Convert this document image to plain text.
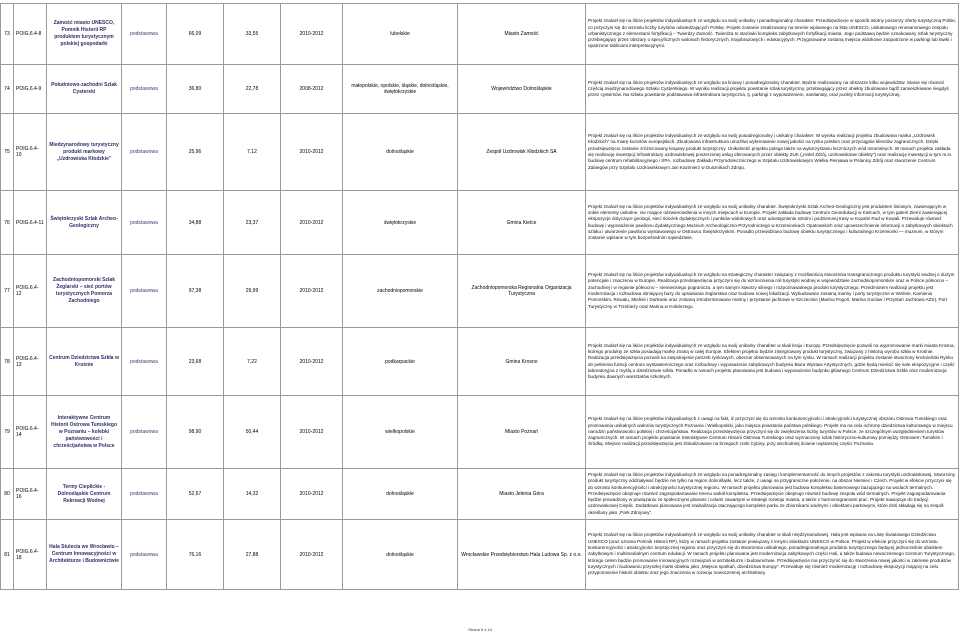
73	POIG.6.4-8	Zamość miasto UNESCO, Pomnik Historii RP produktem turystycznym polskiej gospodarki	podstawowa	66,09	33,55	2010-2012	lubelskie	Miasto Zamość	Projekt znalazł się na liście projektów indywidualnych ze względu na swój unikalny i ponadregionalny charakter. Przedsięwzięcie w sposób istotny poszerzy ofertę turystyczną Polski, co przyczyni się do wzrostu liczby turystów odwiedzających Polskę. Projekt zostanie zrealizowany na terenie wpisanego na listę UNESCO, unikatowego renesansowego zespołu urbanistycznego z elementami fortyfikacji – Twierdzy Zamość. Twierdza to starówki kompleks zabytkowych fortyfikacji miasta. Jego podstawą będzie oznakowany szlak turystyczny przebiegający przez obszary o specyficznych walorach historycznych, krajobrazowych i edukacyjnych. Przygotowane zostaną miejsca widokowe zaopatrzone w parkingi lub ławki i opatrzone tablicami interpretacyjnymi.
74	POIG.6.4-9	Południowo-zachodni Szlak Cysterski	podstawowa	36,80	22,78	2008-2012	małopolskie, opolskie, śląskie, dolnośląskie, świętokrzyskie	Województwo Dolnośląskie	Projekt znalazł się na liście projektów indywidualnych ze względu na liniowy i ponadregionalny charakter. Będzie realizowany na obszarze kilku województw. Stanie się również częścią międzynarodowego Szlaku Cysterskiego. W wyniku realizacji projektu powstanie szlak turystyczny, przebiegający przez obiekty zbudowane bądź zamieszkiwane niegdyś przez cystersów. Na szlaku powstanie podstawowa infrastruktura turystyczna, tj. parkingi z wyposażeniem, sanitariaty, oraz punkty informacji turystycznej.
75	POIG.6.4-10	Miedzynarodowy turystyczny produkt markowy „Uzdrowiska Kłodzkie”	podstawowa	25,96	7,12	2010-2012	dolnośląskie	Zespół Uzdrowisk Kłodzkich SA	Projekt znalazł się na liście projektów indywidualnych ze względu na swój ponadregionalny i unikalny charakter. W wyniku realizacji projektu zbudowana marka „Uzdrowisk Kłodzkich” na miarę kurortów europejskich. Zbudowana infrastruktura umożliwi wykreowanie nowej jakości na rynku polskim oraz przyciągnie klientów zagranicznych. Dzięki przedsięwzięciu zostanie zróżnicowany krajowy produkt turystyczny. Unikalność projektu polega także na wykorzystaniu leczniczych wód mineralnych. W ramach projektu zakłada się realizację inwestycji infrastruktury uzdrowiskowej poszerzonej usług oferowanych przez obiekty ZUK („Hotel Zdrój, uzdrowiskowe obiekty”) oraz realizację inwestycji w tym m.in. budowę centrum rehabilitacyjnego i SPA, rozbudowę Zakładu Przyrodoleczniczego w Szpitalu Uzdrowiskowym Wielka Pieniawa w Polanicy Zdrój oraz stworzenie Centrum Zabiegów przy Szpitalu Uzdrowiskowym Jan Kazimierz w Dusznikach Zdroju.
76	POIG.6.4-11	Świętokrzyski Szlak Archeo-Geologiczny	podstawowa	34,88	23,37	2010-2012	świętokrzyskie	Gmina Kielce	Projekt znalazł się na liście projektów indywidualnych ze względu na swój unikalny charakter. Świętokrzyski Szlak Archeo-Geologiczny jest produktem liniowym, zawierającym w sobie elementy unikalne, nie mające odzwierciedlenia w innych miejscach w Europie. Projekt zakłada budowę Centrum Geoedukacji w Kielcach, w tym galerii Ziemi zawierającej ekspozycje dotyczące geologii, sieci ścieżek dydaktycznych i punktów widokowych oraz udostępnienie sztolni i podziemnej trasy w Kopalni Rud w Kowali. Przewiduje również budowę i wyposażenie pawilonu dydaktycznego Muzeum Archeologiczno-Przyrodniczego w Krzemionkach Opatowskich oraz upowszechnienie informacji o zabytkowych obiektach szlaku i utworzenie pawilonu wystawowego w Ostrowcu Świętokrzyskim. Ponadto przewidziano budowę obiektu turystycznego i kulturalnego Krzemionki — muzeum, w którym zostanie wpisane w tym bezpośrednim sąsiedztwie.
77	POIG.6.4-12	Zachodniopomorski Szlak Żeglarski – sieć portów turystycznych Pomorza Zachodniego	podstawowa	97,38	29,99	2010-2012	zachodniopomorskie	Zachodniopomorska Regionalna Organizacja Turystyczna	Projekt znalazł się na liście projektów indywidualnych ze względu na strategiczny charakter związany z możliwością stworzenia transgranicznego produktu turystyki wodnej o dużym potencjale i znaczeniu w Europie. Realizacja przedsięwzięcia przyczyni się do wzmocnienia roli turystyki wodnej w województwie zachodniopomorskim oraz w Polsce północno – zachodniej i w regionie północno – niemieckiego pogranicza, a tym samym stworzy silnego i rozpoznawalnego produkt turystycznego. Przedmiotem realizacji projektu jest modernizacja i rozbudowa istniejącej bazy do uprawiania żeglarstwa oraz budowa nowej lokalizacji. Wybudowane zostaną mariny i porty turystyczne w Wolinie, Kamieniu Pomorskim, Rewalu, Mielnie i Darłowie oraz zostaną zmodernizowane mariny i przystanie jachtowe w Szczecinie (Marina Pogoń, Marina Goclaw i Przystań Jachtowa AZS), Port Turystyczny w Trzebieży oraz Marina w Kołobrzegu.
78	POIG.6.4-13	Centrum Dziedzictwa Szkła w Krośnie	podstawowa	23,68	7,22	2010-2012	podkarpackie	Gmina Krosno	Projekt znalazł się na liście projektów indywidualnych ze względu na swój unikalny charakter w skali kraju i Europy. Przedsięwzięcie pozwoli na wypromowanie marki miasta Krosna, którego produkty ze szkła posiadają markę znaną w całej Europie. Efektem projektu będzie zintegrowany produkt turystyczny, związany z historią wyrobu szkła w Krośnie. Realizacja przedsięwzięcia pozwoli na zaspokojenie potrzeb rynkowych, obecnie obserwowanych na tym rynku. W ramach realizacji projektu zostanie stworzony krośnieński Rynku do pełnienia funkcji centrum wystawienniczego oraz rozbudowy i wyposażenie zabytkowych budynku Biura Wystaw Artystycznych, gdzie będą mieścić się sale ekspozycyjne i część laboratoryjna z myślą o dziedzictwie szkła. Ponadto w ramach projektu planowana jest budowa i wyposażenie budynku głównego Centrum Dziedzictwa Szkła oraz modernizacja budynku dawnych warsztatów szkolnych.
79	POIG.6.4-14	Interaktywne Centrum Historii Ostrowa Tumskiego w Poznaniu – kolebki państwowości i chrześcijaństwa w Polsce	podstawowa	98,90	50,44	2010-2012	wielkopolskie	Miasto Poznań	Projekt znalazł się na liście projektów indywidualnych z uwagi na fakt, iż przyczyni się do wzrostu konkurencyjności i atrakcyjności turystycznej obszaru Ostrowa Tumskiego oraz promowania unikalnych walorów turystycznych Poznania i Wielkopolski, jako miejsca powstania państwa polskiego. Projekt ma na celu ochronę dziedzictwa kulturowego w miejscu narodzin państwowości polskiej i chrześcijaństwa. Realizacja przedsięwzięcia przyczyni się do zwiększenia liczby turystów w Polsce, ze szczególnym uwzględnieniem turystów zagranicznych. W ramach projektu powstanie Interaktywne Centrum Historii Ostrowa Tumskiego oraz wyznaczony szlak historyczno-kulturowy pomiędzy Ostrowem Tumskim i Śródką. Miejsce realizacji przedsięwzięcia jest zlokalizowane na brzegach rzeki Cybiny, przy wschodniej ścianie najstarszej części Poznania.
80	POIG.6.4-16	Termy Cieplickie - Dolnośląskie Centrum Rekreacji Wodnej	podstawowa	52,67	14,32	2010-2012	dolnośląskie	Miasto Jelenia Góra	Projekt znalazł się na liście projektów indywidualnych ze względu na ponadregionalny zasięg i komplementarność do innych projektów z zakresu turystyki uzdrowiskowej. Stworzony produkt turystyczny oddziaływać będzie nie tylko na region dolnośląski, lecz także, z uwagi na przygraniczne położenie, na obszar Niemiec i Czech. Projekt w efekcie przyczyni się do wzrostu konkurencyjności i atrakcyjności turystycznej regionu. W ramach projektu planowana jest budowa kompleksu basenowego bazującego na wodach termalnych. Przedsięwzięcie obejmuje również zagospodarowanie terenu wokół kompleksu. Przedsięwzięcie obejmuje również budowę zespołu wód termalnych. Projekt zagospodarowania będzie prowadzony w powiązaniu ze społecznymi planami i celami zawartymi w strategii rozwoju miasta, a także z harmonogramami prac. Projekt nawiązuje do tradycji uzdrowiskowej Cieplic. Dodatkowo planowana jest rewitalizacja otaczającego kompleks parku ze zbiornikami wodnymi i obiektami parkowymi, które dziś składają się na zespół określany jako „Park Zdrojowy”.
81	POIG.6.4-18	Hala Stulecia we Wrocławiu – Centrum Innowacyjności w Architekturze i Budownictwie	podstawowa	76,16	27,88	2010-2012	dolnośląskie	Wrocławskie Przedsiębiorstwo Hala Ludowa Sp. z o.o.	Projekt znalazł się na liście projektów indywidualnych ze względu na swój unikalny charakter w skali międzynarodowej. Hala jest wpisana na Listę Światowego Dziedzictwa UNESCO (oraz uznana Pomnik Historii RP), który w ramach projektu zostanie powiązany z innymi obiektami UNESCO w Polsce. Projekt w efekcie przyczyni się do wzrostu konkurencyjności i atrakcyjności turystycznej regionu oraz przyczyni się do stworzenia unikalnego, ponadregionalnego produktu turystycznego będącej jednocześnie obiektem zabytkowym i multimedialnym centrum edukacji. W ramach projektu planowana jest modernizacja zabytkowych części Hali, a także budowa nowoczesnego Centrum Turystycznego, którego celem będzie promowanie innowacyjnych rozwiązań w architekturze i budownictwie. Przedsięwzięcie ma przyczynić się do stworzenia nowej jakości w zakresie produktów turystycznych i budowaniu przyszłej marki obiektu jako „Miejsca spotkań, dziedzictwa Europy”. Przewiduje się również modernizację i rozbudowę ekspozycji mającej na celu przypomnienie historii obiektu oraz jego znaczenia w rozwoju nowoczesnej architektury.
Strona 6 z 14
